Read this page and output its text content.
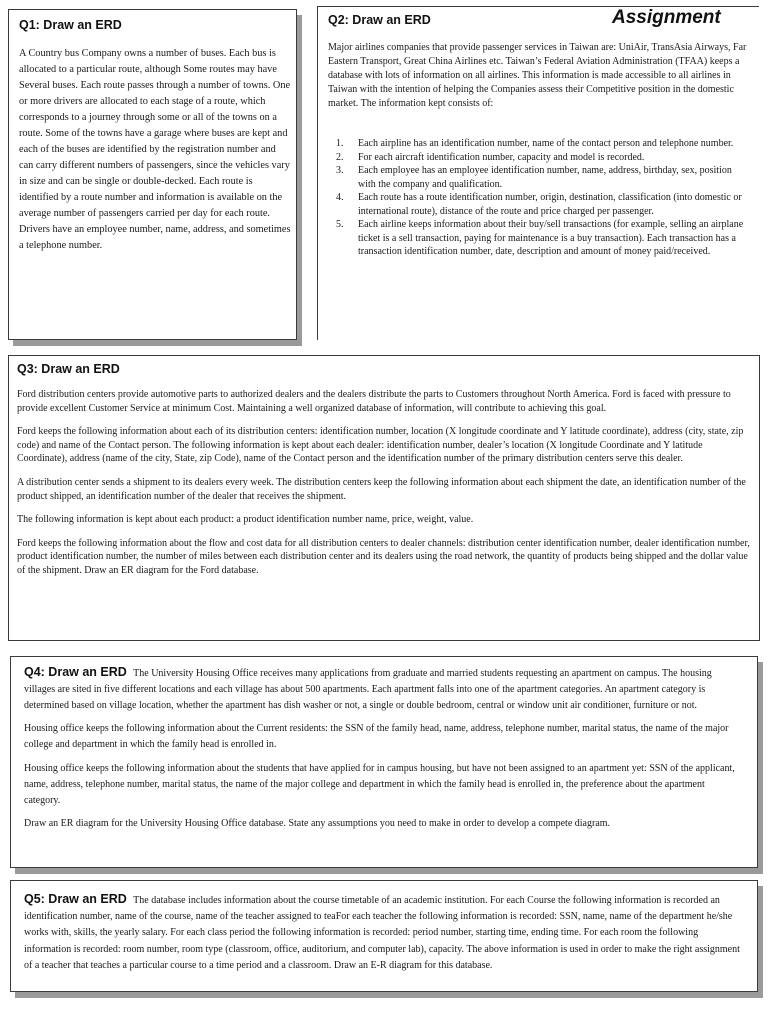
Q1: Draw an ERD

A Country bus Company owns a number of buses. Each bus is allocated to a particular route, although Some routes may have Several buses. Each route passes through a number of towns. One or more drivers are allocated to each stage of a route, which corresponds to a journey through some or all of the towns on a route. Some of the towns have a garage where buses are kept and each of the buses are identified by the registration number and can carry different numbers of passengers, since the vehicles vary in size and can be single or double-decked. Each route is identified by a route number and information is available on the average number of passengers carried per day for each route. Drivers have an employee number, name, address, and sometimes a telephone number.

Q2: Draw an ERD	Assignment

Major airlines companies that provide passenger services in Taiwan are: UniAir, TransAsia Airways, Far Eastern Transport, Great China Airlines etc. Taiwan’s Federal Aviation Administration (TFAA) keeps a database with lots of information on all airlines. This information is made accessible to all airlines in Taiwan with the intention of helping the Companies assess their Competitive position in the domestic market. The information kept consists of:

1. Each airpline has an identification number, name of the contact person and telephone number.
2. For each aircraft identification number, capacity and model is recorded.
3. Each employee has an employee identification number, name, address, birthday, sex, position with the company and qualification.
4. Each route has a route identification number, origin, destination, classification (into domestic or international route), distance of the route and price charged per passenger.
5. Each airline keeps information about their buy/sell transactions (for example, selling an airplane ticket is a sell transaction, paying for maintenance is a buy transaction). Each transaction has a transaction identification number, date, description and amount of money paid/received.
Q3: Draw an ERD

Ford distribution centers provide automotive parts to authorized dealers and the dealers distribute the parts to Customers throughout North America. Ford is faced with pressure to provide excellent Customer Service at minimum Cost. Maintaining a well organized database of information, will contribute to achieving this goal.

Ford keeps the following information about each of its distribution centers: identification number, location (X longitude coordinate and Y latitude coordinate), address (city, state, zip code) and name of the Contact person. The following information is kept about each dealer: identification number, dealer’s location (X longitude Coordinate and Y latitude Coordinate), address (name of the city, State, zip Code), name of the Contact person and the identification number of the primary distribution centers serve this dealer.

A distribution center sends a shipment to its dealers every week. The distribution centers keep the following information about each shipment the date, an identification number of the product shipped, an identification number of the dealer that receives the shipment.

The following information is kept about each product: a product identification number name, price, weight, value.

Ford keeps the following information about the flow and cost data for all distribution centers to dealer channels: distribution center identification number, dealer identification number, product identification number, the number of miles between each distribution center and its dealers using the road network, the quantity of products being shipped and the dollar value of the shipment. Draw an ER diagram for the Ford database.

Q4: Draw an ERD The University Housing Office receives many applications from graduate and married students requesting an apartment on campus. The housing villages are sited in five different locations and each village has about 500 apartments. Each apartment falls into one of the apartment categories. An apartment category is determined based on village location, whether the apartment has dish washer or not, a single or double bedroom, central or window unit air conditioner, furniture or not.

Housing office keeps the following information about the Current residents: the SSN of the family head, name, address, telephone number, marital status, the name of the major college and department in which the family head is enrolled in.

Housing office keeps the following information about the students that have applied for in campus housing, but have not been assigned to an apartment yet: SSN of the applicant, name, address, telephone number, marital status, the name of the major college and department in which the family head is enrolled in, the preference about the apartment category.

Draw an ER diagram for the University Housing Office database. State any assumptions you need to make in order to develop a compete diagram.

Q5: Draw an ERD The database includes information about the course timetable of an academic institution. For each Course the following information is recorded an identification number, name of the course, name of the teacher assigned to teaFor each teacher the following information is recorded: SSN, name, name of the department he/she works with, skills, the yearly salary. For each class period the following information is recorded: period number, starting time, ending time. For each room the following information is recorded: room number, room type (classroom, office, auditorium, and computer lab), capacity. The above information is used in order to make the right assignment of a teacher that teaches a particular course to a time period and a classroom. Draw an E-R diagram for this database.
